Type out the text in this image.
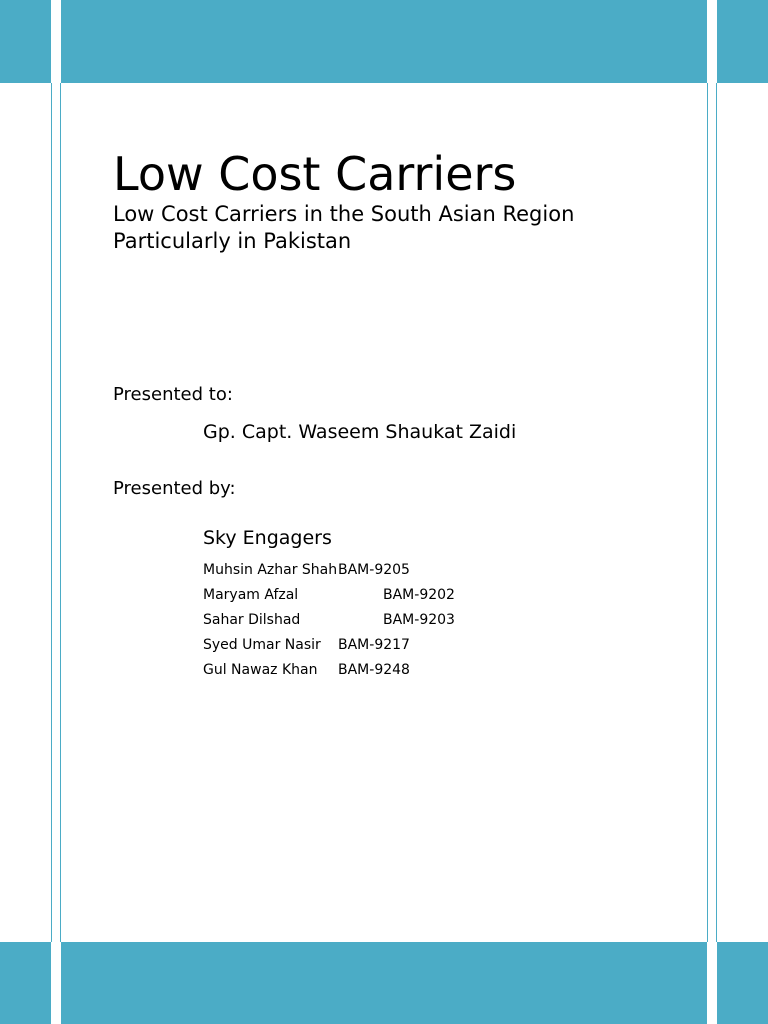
Low Cost Carriers
Low Cost Carriers in the South Asian Region
Particularly in Pakistan
Presented to:
Gp. Capt. Waseem Shaukat Zaidi
Presented by:
Sky Engagers
Muhsin Azhar Shah BAM-9205
Maryam Afzal	BAM-9202
Sahar Dilshad	BAM-9203
Syed Umar Nasir BAM-9217
Gul Nawaz Khan BAM-9248
